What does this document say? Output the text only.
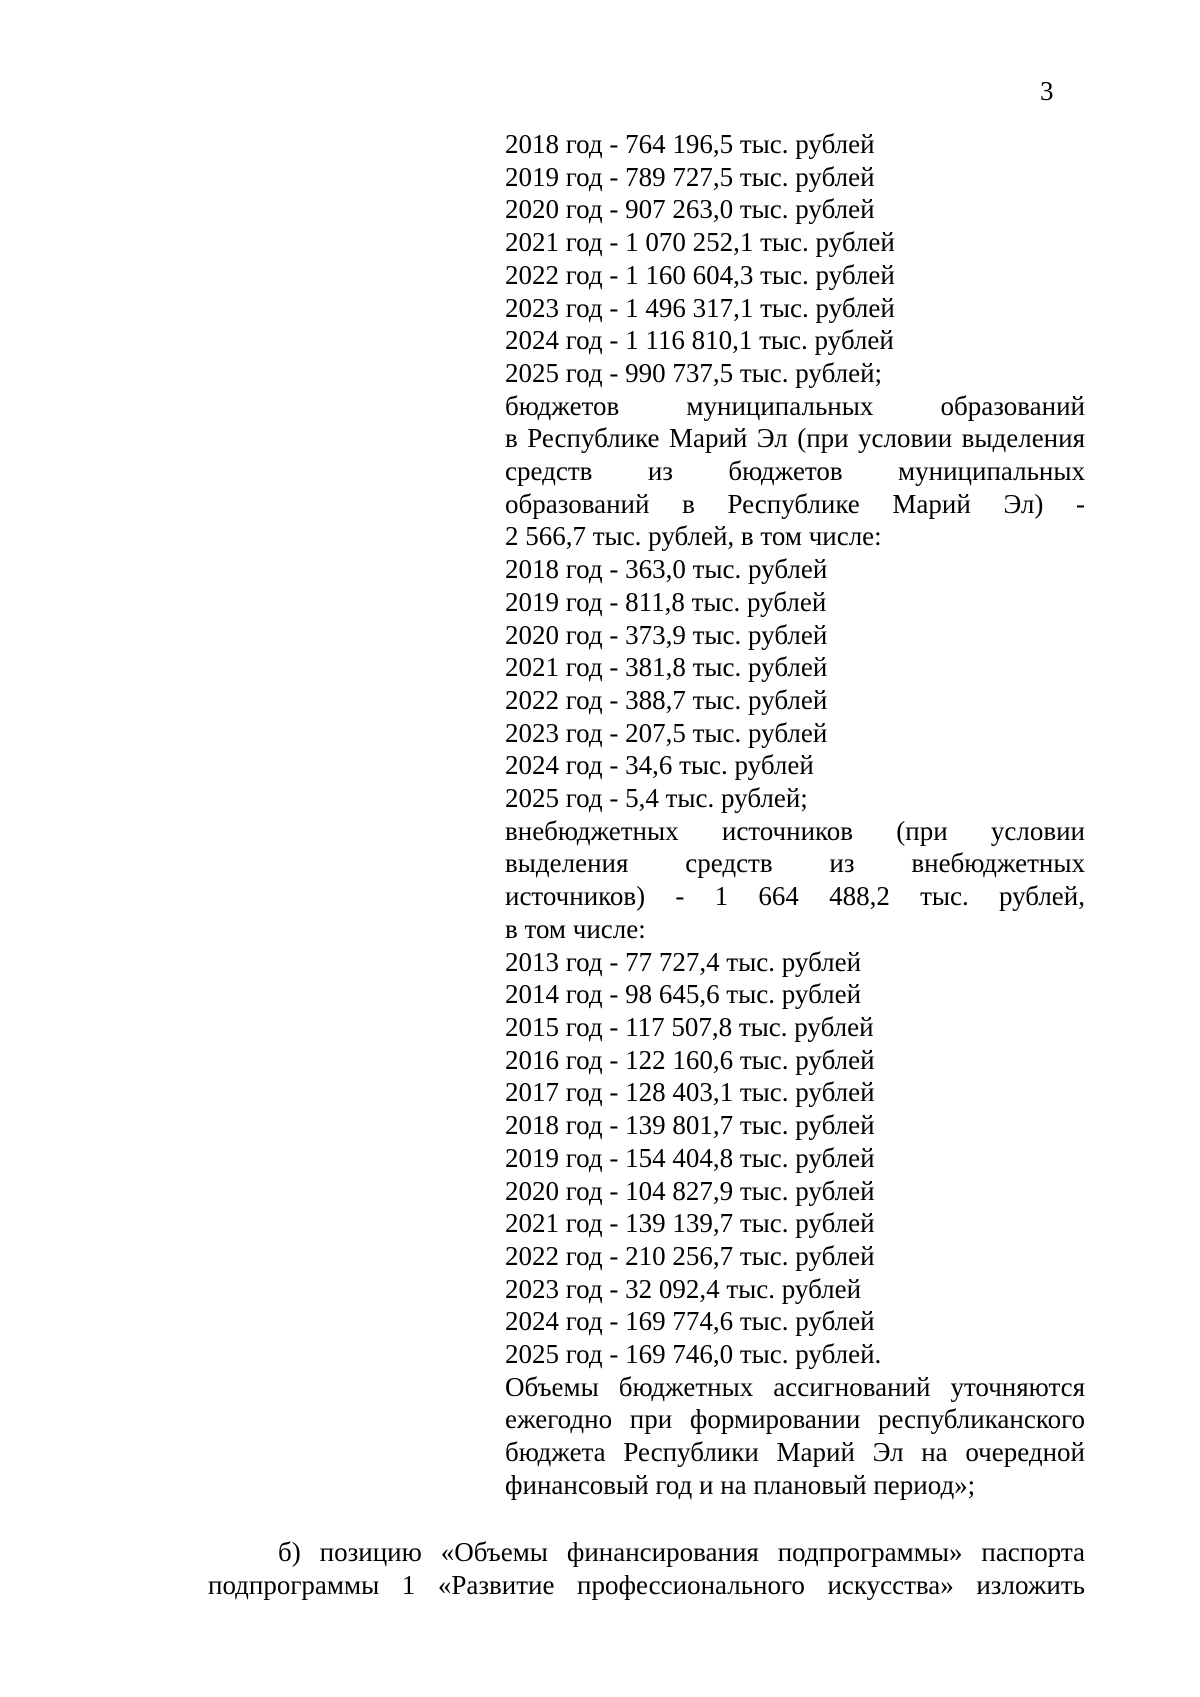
3
2018 год - 764 196,5 тыс. рублей
2019 год - 789 727,5 тыс. рублей
2020 год - 907 263,0 тыс. рублей
2021 год - 1 070 252,1 тыс. рублей
2022 год - 1 160 604,3 тыс. рублей
2023 год - 1 496 317,1 тыс. рублей
2024 год - 1 116 810,1 тыс. рублей
2025 год - 990 737,5 тыс. рублей;
бюджетов муниципальных образований
в Республике Марий Эл (при условии выделения
средств из бюджетов муниципальных
образований в Республике Марий Эл) -
2 566,7 тыс. рублей, в том числе:
2018 год - 363,0 тыс. рублей
2019 год - 811,8 тыс. рублей
2020 год - 373,9 тыс. рублей
2021 год - 381,8 тыс. рублей
2022 год - 388,7 тыс. рублей
2023 год - 207,5 тыс. рублей
2024 год - 34,6 тыс. рублей
2025 год - 5,4 тыс. рублей;
внебюджетных источников (при условии
выделения средств из внебюджетных
источников) - 1 664 488,2 тыс. рублей,
в том числе:
2013 год - 77 727,4 тыс. рублей
2014 год - 98 645,6 тыс. рублей
2015 год - 117 507,8 тыс. рублей
2016 год - 122 160,6 тыс. рублей
2017 год - 128 403,1 тыс. рублей
2018 год - 139 801,7 тыс. рублей
2019 год - 154 404,8 тыс. рублей
2020 год - 104 827,9 тыс. рублей
2021 год - 139 139,7 тыс. рублей
2022 год - 210 256,7 тыс. рублей
2023 год - 32 092,4 тыс. рублей
2024 год - 169 774,6 тыс. рублей
2025 год - 169 746,0 тыс. рублей.
Объемы бюджетных ассигнований уточняются
ежегодно при формировании республиканского
бюджета Республики Марий Эл на очередной
финансовый год и на плановый период»;
б) позицию «Объемы финансирования подпрограммы» паспорта
подпрограммы 1 «Развитие профессионального искусства» изложить
